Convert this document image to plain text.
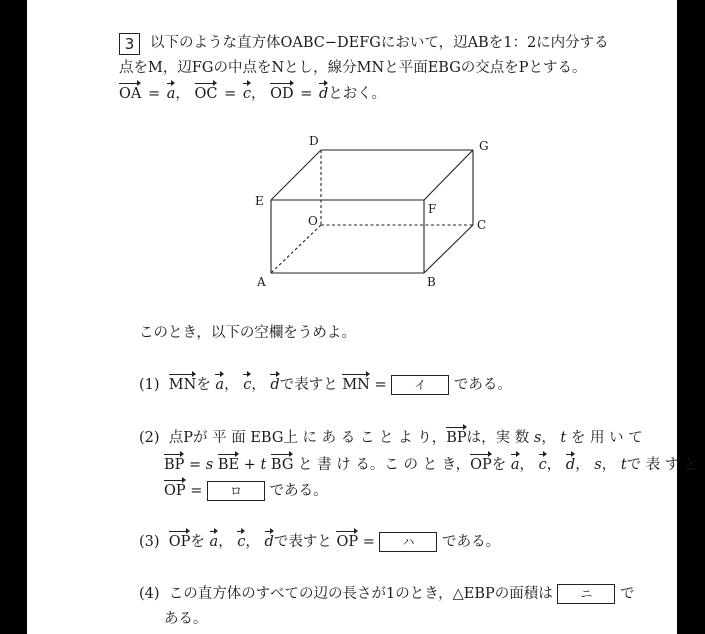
3	以下のような直方体OABC−DEFGにおいて，辺ABを1：2に内分する
点をM，辺FGの中点をNとし，線分MNと平面EBGの交点をPとする。
OA = a， OC = c， OD = dとおく。
D	G
E
F
O	C
A	B
このとき，以下の空欄をうめよ。
(1) MNを a， c， dで表すと MN = イ である。
(2) 点Pが 平 面 EBG上 に あ る こ と よ り，BPは，実 数 s， t を 用 い て
BP = s BE + t BG と 書 け る。こ の と き，OPを a， c， d， s， tで 表 す と
OP = ロ である。
(3) OPを a， c， dで表すと OP = ハ である。
(4) この直方体のすべての辺の長さが1のとき，△EBPの面積は ニ で
ある。
